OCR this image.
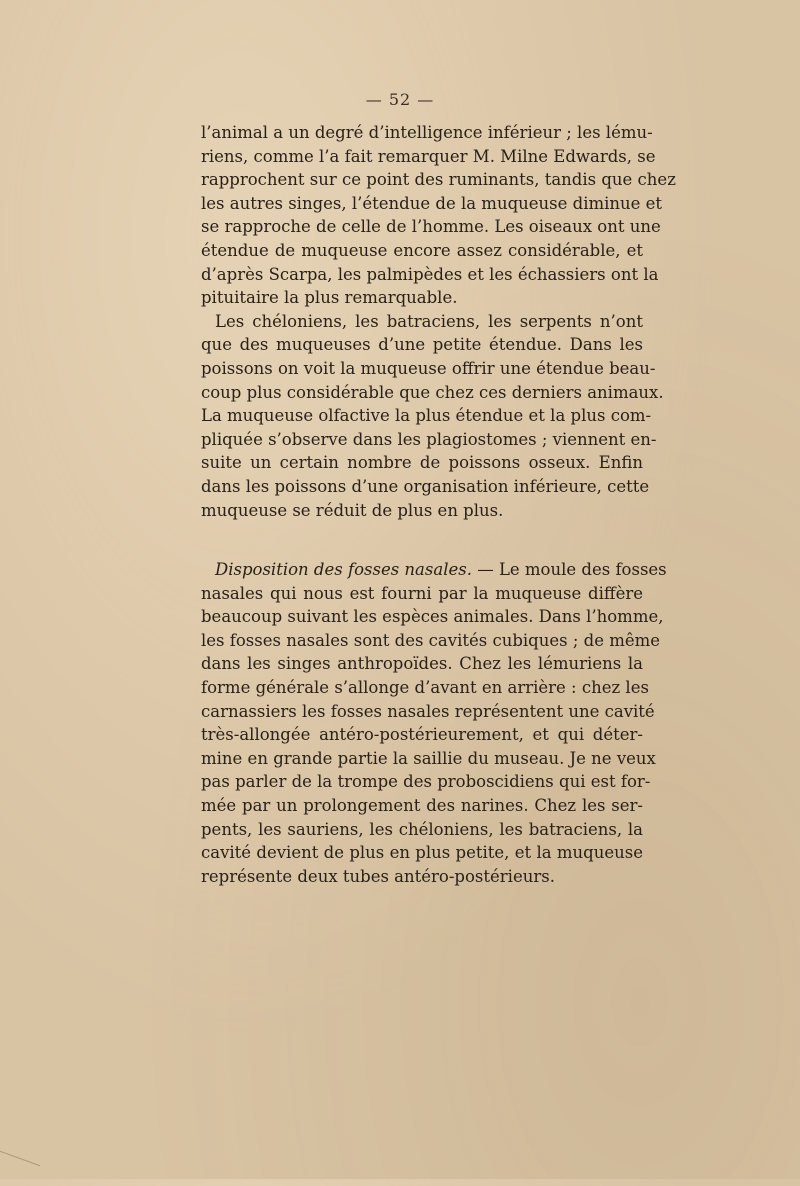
— 52 —
l’animal a un degré d’intelligence inférieur ; les lému-
riens, comme l’a fait remarquer M. Milne Edwards, se
rapprochent sur ce point des ruminants, tandis que chez
les autres singes, l’étendue de la muqueuse diminue et
se rapproche de celle de l’homme. Les oiseaux ont une
étendue de muqueuse encore assez considérable, et
d’après Scarpa, les palmipèdes et les échassiers ont la
pituitaire la plus remarquable.
Les chéloniens, les batraciens, les serpents n’ont
que des muqueuses d’une petite étendue. Dans les
poissons on voit la muqueuse offrir une étendue beau-
coup plus considérable que chez ces derniers animaux.
La muqueuse olfactive la plus étendue et la plus com-
pliquée s’observe dans les plagiostomes ; viennent en-
suite un certain nombre de poissons osseux. Enfin
dans les poissons d’une organisation inférieure, cette
muqueuse se réduit de plus en plus.
Disposition des fosses nasales. — Le moule des fosses
nasales qui nous est fourni par la muqueuse diffère
beaucoup suivant les espèces animales. Dans l’homme,
les fosses nasales sont des cavités cubiques ; de même
dans les singes anthropoïdes. Chez les lémuriens la
forme générale s’allonge d’avant en arrière : chez les
carnassiers les fosses nasales représentent une cavité
très-allongée antéro-postérieurement, et qui déter-
mine en grande partie la saillie du museau. Je ne veux
pas parler de la trompe des proboscidiens qui est for-
mée par un prolongement des narines. Chez les ser-
pents, les sauriens, les chéloniens, les batraciens, la
cavité devient de plus en plus petite, et la muqueuse
représente deux tubes antéro-postérieurs.
